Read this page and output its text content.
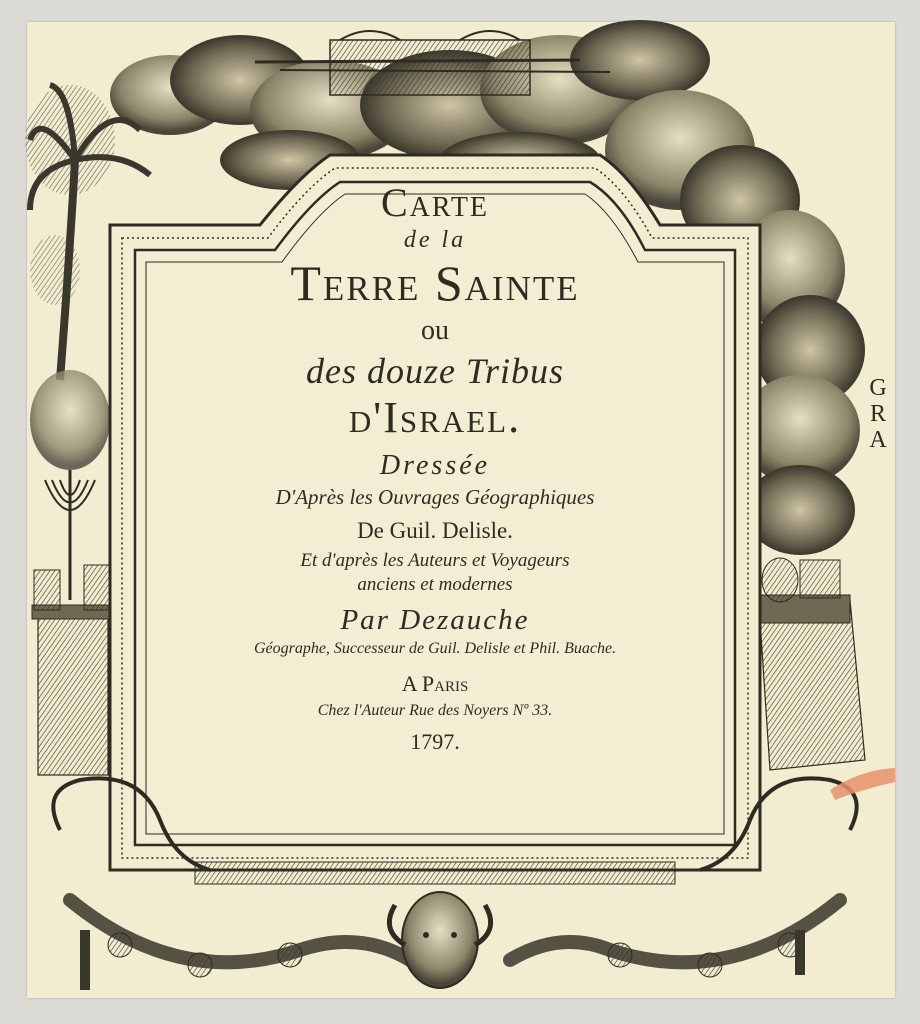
Carte
de la
Terre Sainte
ou
des douze Tribus
d'Israel.
Dressée
D'Après les Ouvrages Géographiques
De Guil. Delisle.
Et d'après les Auteurs et Voyageurs
anciens et modernes
Par Dezauche
Géographe, Successeur de Guil. Delisle et Phil. Buache.
A Paris
Chez l'Auteur Rue des Noyers Nº 33.
1797.
GRA
